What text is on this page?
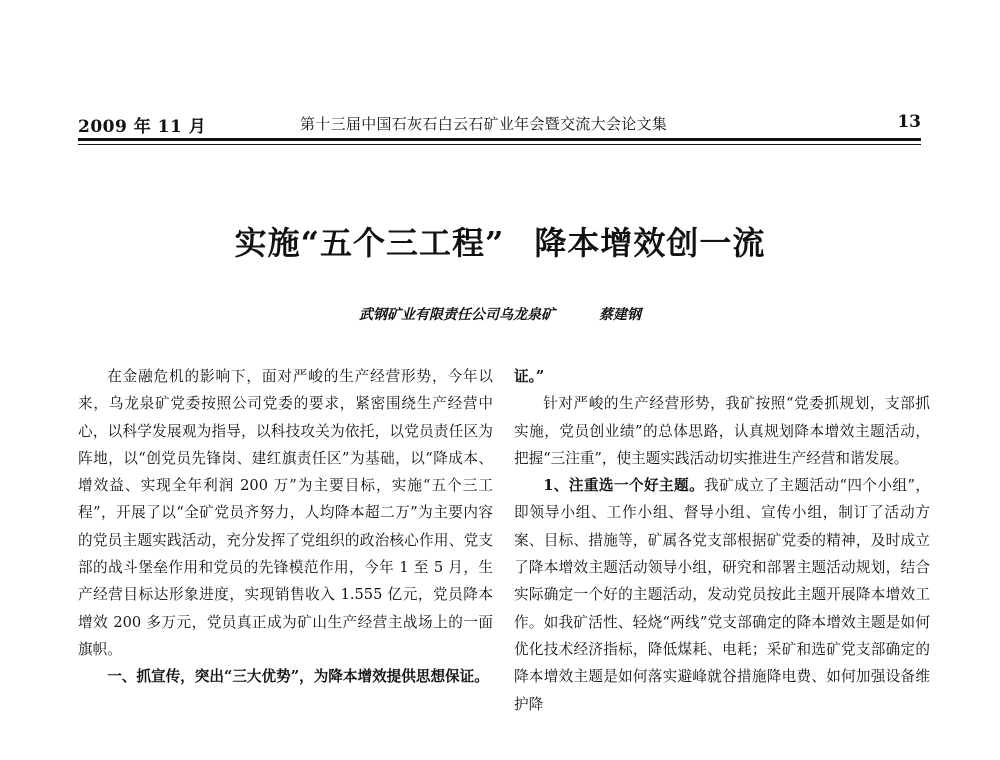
2009 年 11 月	第十三届中国石灰石白云石矿业年会暨交流大会论文集	13
实施“五个三工程” 降本增效创一流
武钢矿业有限责任公司乌龙泉矿	蔡建钢

在金融危机的影响下，面对严峻的生产经营形势，今年以来，乌龙泉矿党委按照公司党委的要求，紧密围绕生产经营中心，以科学发展观为指导，以科技攻关为依托，以党员责任区为阵地，以“创党员先锋岗、建红旗责任区”为基础，以“降成本、增效益、实现全年利润 200 万”为主要目标，实施“五个三工程”，开展了以“全矿党员齐努力，人均降本超二万”为主要内容的党员主题实践活动，充分发挥了党组织的政治核心作用、党支部的战斗堡垒作用和党员的先锋模范作用，今年 1 至 5 月，生产经营目标达形象进度，实现销售收入 1.555 亿元，党员降本增效 200 多万元，党员真正成为矿山生产经营主战场上的一面旗帜。

一、抓宣传，突出“三大优势”，为降本增效提供思想保证。

证。”

针对严峻的生产经营形势，我矿按照“党委抓规划，支部抓实施，党员创业绩”的总体思路，认真规划降本增效主题活动，把握“三注重”，使主题实践活动切实推进生产经营和谐发展。

1、注重选一个好主题。我矿成立了主题活动“四个小组”，即领导小组、工作小组、督导小组、宣传小组，制订了活动方案、目标、措施等，矿属各党支部根据矿党委的精神，及时成立了降本增效主题活动领导小组，研究和部署主题活动规划，结合实际确定一个好的主题活动，发动党员按此主题开展降本增效工作。如我矿活性、轻烧“两线”党支部确定的降本增效主题是如何优化技术经济指标，降低煤耗、电耗；采矿和选矿党支部确定的降本增效主题是如何落实避峰就谷措施降电费、如何加强设备维护降
